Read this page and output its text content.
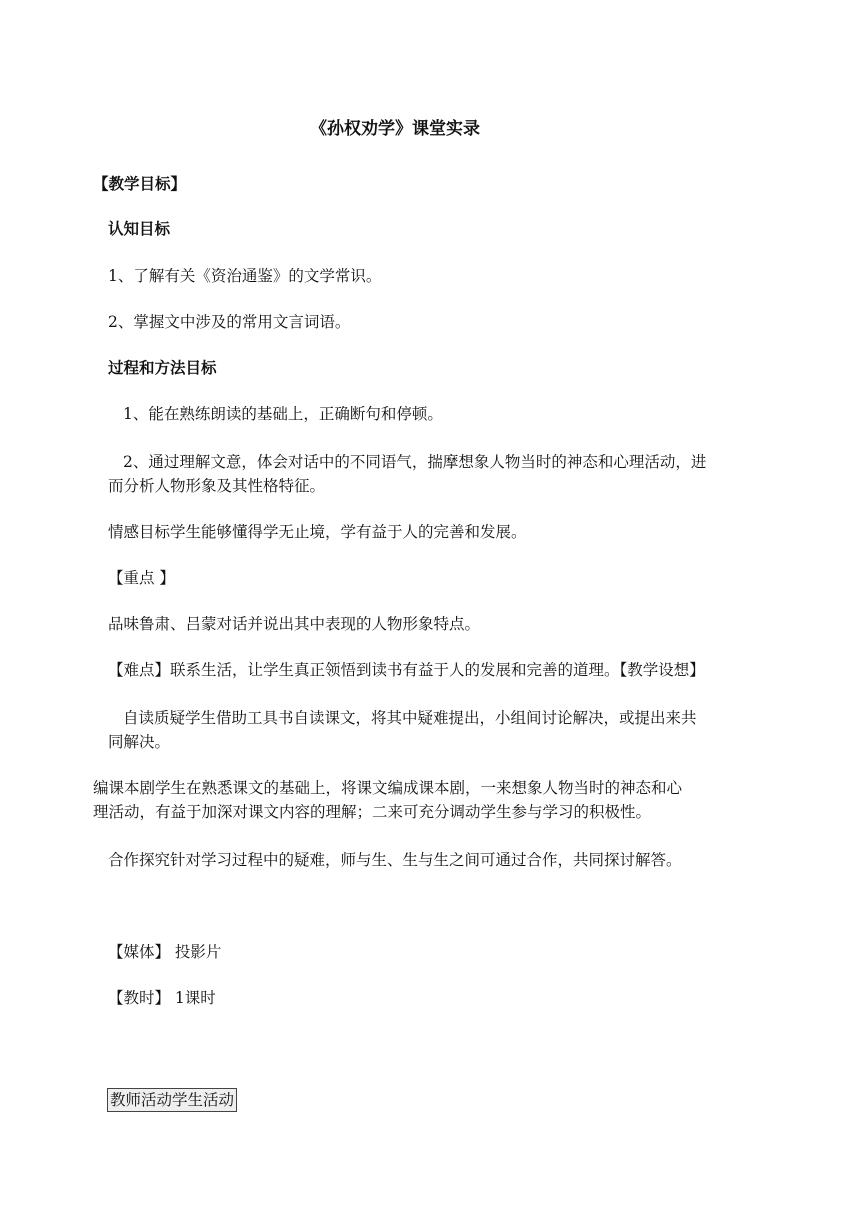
《孙权劝学》课堂实录
【教学目标】
认知目标
1、了解有关《资治通鉴》的文学常识。
2、掌握文中涉及的常用文言词语。
过程和方法目标
1、能在熟练朗读的基础上，正确断句和停顿。
2、通过理解文意，体会对话中的不同语气，揣摩想象人物当时的神态和心理活动，进
而分析人物形象及其性格特征。
情感目标学生能够懂得学无止境，学有益于人的完善和发展。
【重点 】
品味鲁肃、吕蒙对话并说出其中表现的人物形象特点。
【难点】联系生活，让学生真正领悟到读书有益于人的发展和完善的道理。【教学设想】
自读质疑学生借助工具书自读课文，将其中疑难提出，小组间讨论解决，或提出来共
同解决。
编课本剧学生在熟悉课文的基础上，将课文编成课本剧，一来想象人物当时的神态和心
理活动，有益于加深对课文内容的理解；二来可充分调动学生参与学习的积极性。
合作探究针对学习过程中的疑难，师与生、生与生之间可通过合作，共同探讨解答。
【媒体】 投影片
【教时】 1课时
教师活动学生活动
